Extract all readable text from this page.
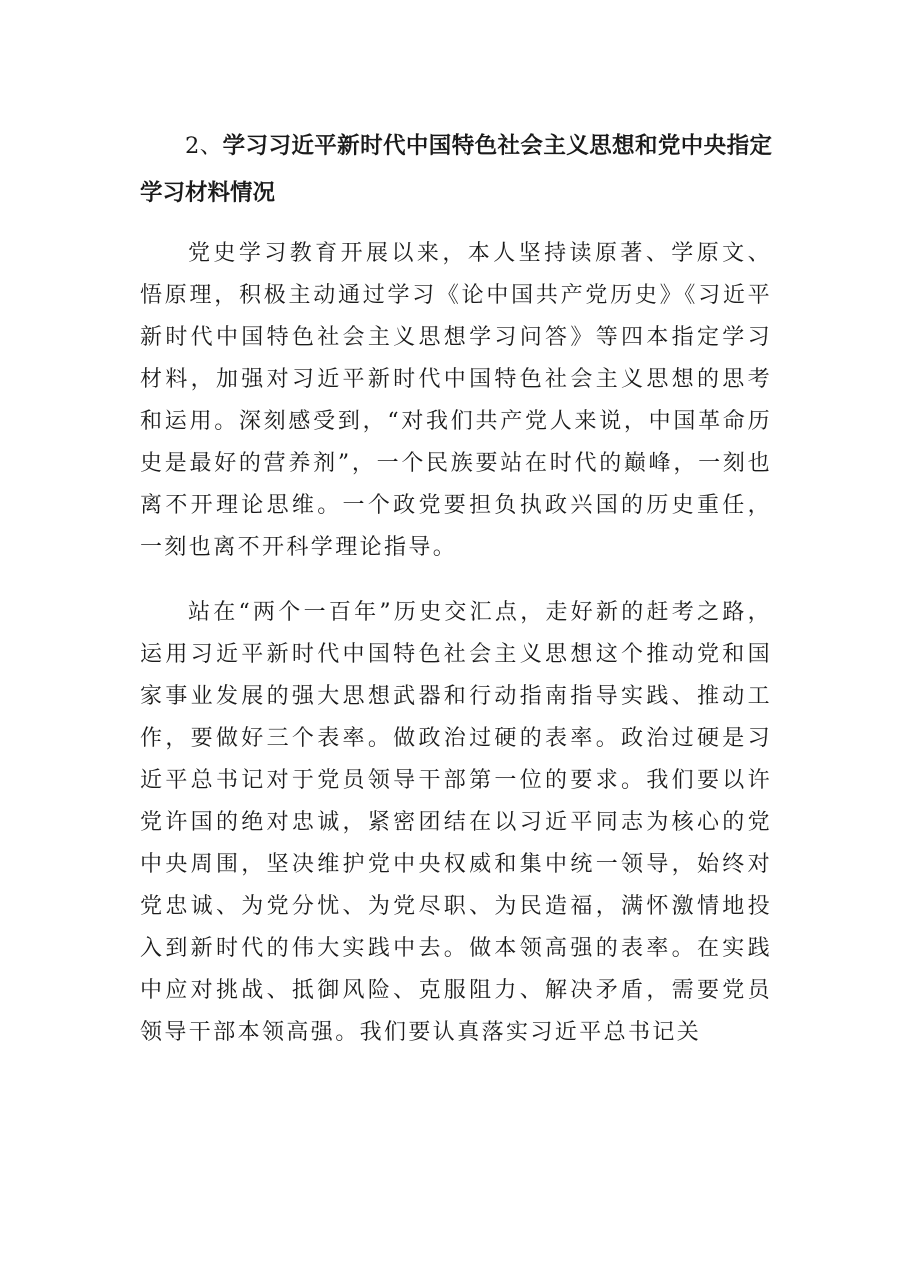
2、学习习近平新时代中国特色社会主义思想和党中央指定学习材料情况

党史学习教育开展以来，本人坚持读原著、学原文、悟原理，积极主动通过学习《论中国共产党历史》《习近平新时代中国特色社会主义思想学习问答》等四本指定学习材料，加强对习近平新时代中国特色社会主义思想的思考和运用。深刻感受到，“对我们共产党人来说，中国革命历史是最好的营养剂”，一个民族要站在时代的巅峰，一刻也离不开理论思维。一个政党要担负执政兴国的历史重任，一刻也离不开科学理论指导。

站在“两个一百年”历史交汇点，走好新的赶考之路，运用习近平新时代中国特色社会主义思想这个推动党和国家事业发展的强大思想武器和行动指南指导实践、推动工作，要做好三个表率。做政治过硬的表率。政治过硬是习近平总书记对于党员领导干部第一位的要求。我们要以许党许国的绝对忠诚，紧密团结在以习近平同志为核心的党中央周围，坚决维护党中央权威和集中统一领导，始终对党忠诚、为党分忧、为党尽职、为民造福，满怀激情地投入到新时代的伟大实践中去。做本领高强的表率。在实践中应对挑战、抵御风险、克服阻力、解决矛盾，需要党员领导干部本领高强。我们要认真落实习近平总书记关
